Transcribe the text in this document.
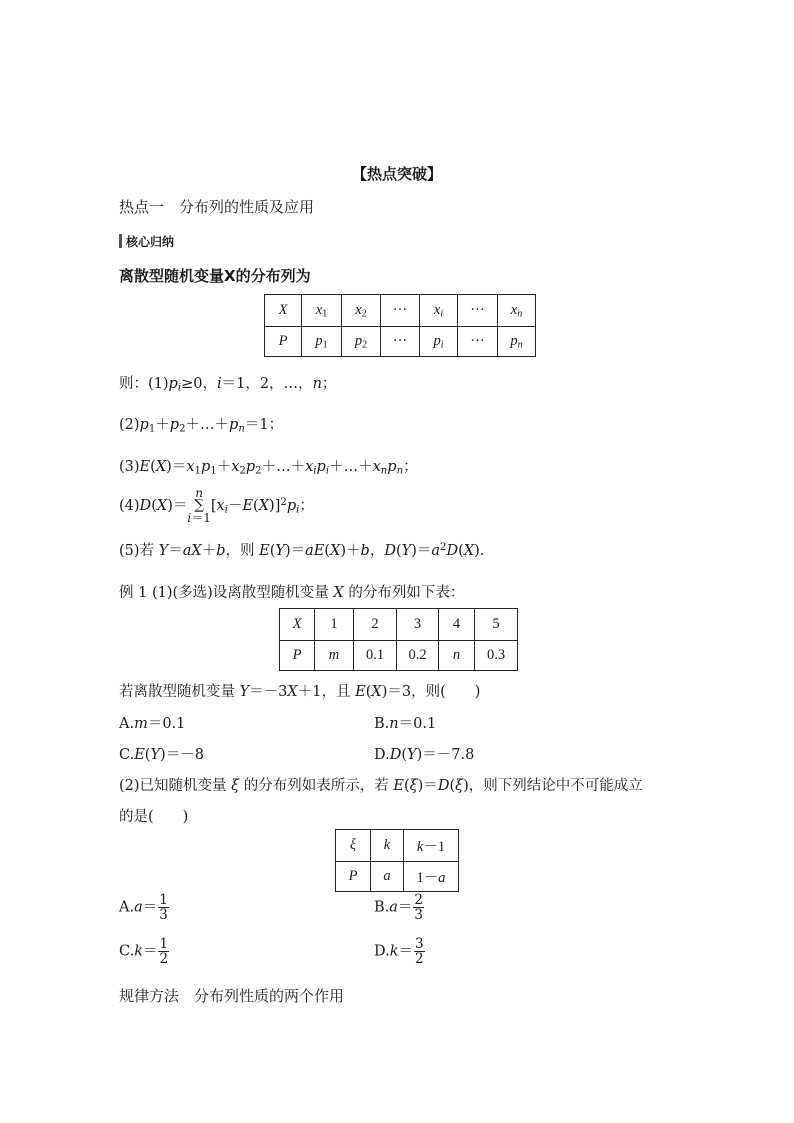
【热点突破】
热点一　分布列的性质及应用
核心归纳
离散型随机变量X的分布列为
X	$x_1$	$x_2$	···	$x_i$	···	$x_n$
P	$p_1$	$p_2$	···	$p_i$	···	$p_n$
则：$(1)p_i\ge 0$，i＝1，2，…，n；
$(2)p_1+p_2+\dots+p_n=1$；
$(3)E(X)=x_1p_1+x_2p_2+\dots+x_ip_i+\dots+x_np_n$；
(4)D(X)＝
n
∑
i＝1
$[x_i-E(X)]^2p_i$；
(5)若 Y＝aX＋b，则 E(Y)＝aE(X)＋b，$D(Y)=a^2D(X)$.
例 1 (1)(多选)设离散型随机变量 X 的分布列如下表：
X	1	2	3	4	5
P	m	0.1	0.2	n	0.3
若离散型随机变量 Y＝－3X＋1，且 E(X)＝3，则(　　)
A.m＝0.1	B.n＝0.1
C.E(Y)＝－8	D.D(Y)＝－7.8
(2)已知随机变量 ξ 的分布列如表所示，若 E(ξ)＝D(ξ)，则下列结论中不可能成立
的是(　　)
ξ	k	k－1
P	a	1－a
$A.a= \frac{1}{3}$	$B.a= \frac{2}{3}$
$C.k= \frac{1}{2}$	$D.k= \frac{3}{2}$
规律方法　分布列性质的两个作用
